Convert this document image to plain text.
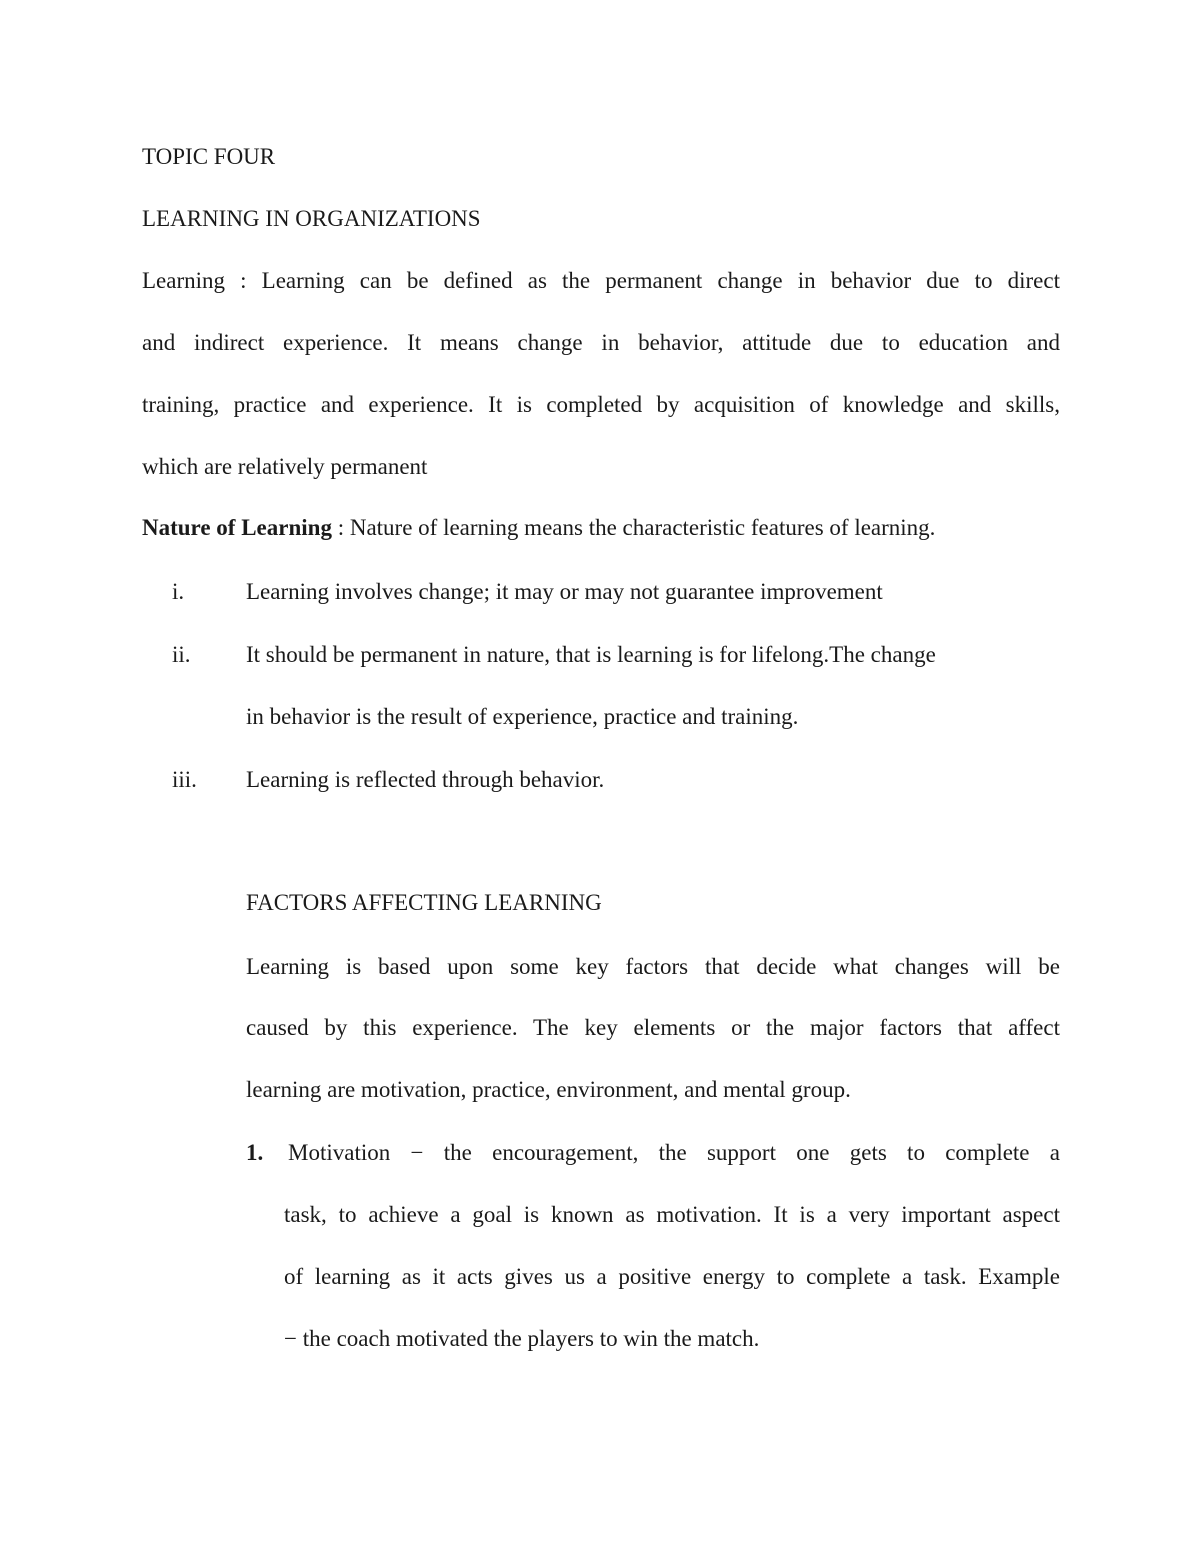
TOPIC FOUR
LEARNING IN ORGANIZATIONS
Learning : Learning can be defined as the permanent change in behavior due to direct
and indirect experience. It means change in behavior, attitude due to education and
training, practice and experience. It is completed by acquisition of knowledge and skills,
which are relatively permanent
Nature of Learning : Nature of learning means the characteristic features of learning.
i.	Learning involves change; it may or may not guarantee improvement
ii. It should be permanent in nature, that is learning is for lifelong.The change
in behavior is the result of experience, practice and training.
iii. Learning is reflected through behavior.
FACTORS AFFECTING LEARNING
Learning is based upon some key factors that decide what changes will be
caused by this experience. The key elements or the major factors that affect
learning are motivation, practice, environment, and mental group.
1. Motivation − the encouragement, the support one gets to complete a
task, to achieve a goal is known as motivation. It is a very important aspect
of learning as it acts gives us a positive energy to complete a task. Example
− the coach motivated the players to win the match.
